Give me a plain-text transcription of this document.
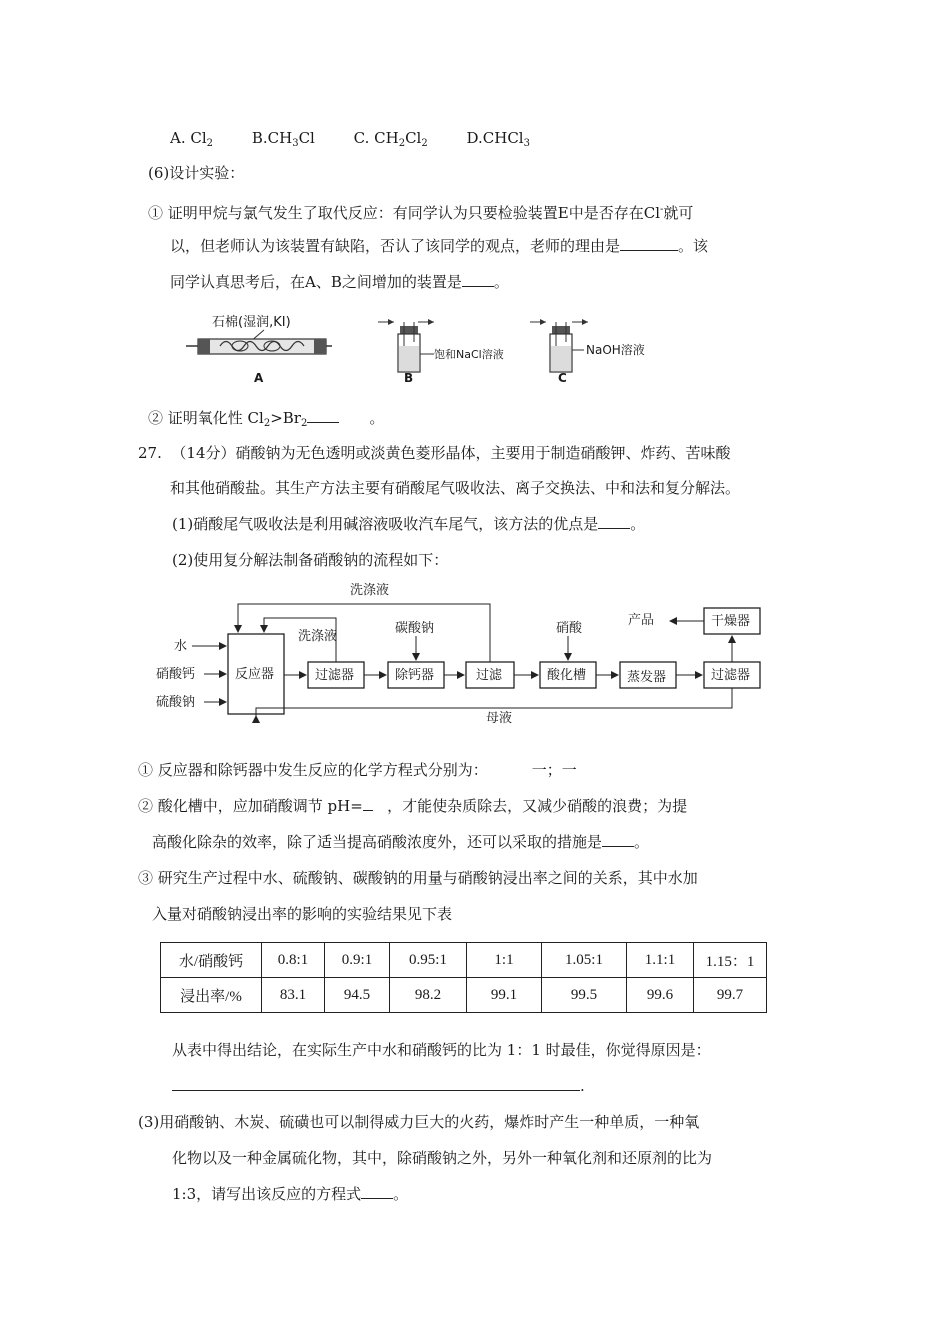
A. $Cl_2$	$B.CH_3Cl$	C. $CH_2Cl_2$	D.CHCl$_3$
(6)设计实验：
① 证明甲烷与氯气发生了取代反应：有同学认为只要检验装置E中是否存在Cl-就可
以，但老师认为该装置有缺陷，否认了该同学的观点，老师的理由是	。该
同学认真思考后，在A、B之间增加的装置是 。
石棉(湿润,KI)
A
饱和NaCl溶液
B
NaOH溶液
C
② 证明氧化性 $Cl_2>Br_2$	。
27. （14分）硝酸钠为无色透明或淡黄色菱形晶体，主要用于制造硝酸钾、炸药、苦味酸
和其他硝酸盐。其生产方法主要有硝酸尾气吸收法、离子交换法、中和法和复分解法。
(1)硝酸尾气吸收法是利用碱溶液吸收汽车尾气，该方法的优点是 。
(2)使用复分解法制备硝酸钠的流程如下：
洗涤液
洗涤液
水
硝酸钙
硫酸钠
碳酸钠	硝酸
产品
母液
反应器	过滤器	除钙器	过滤	酸化槽	蒸发器	过滤器
干燥器
① 反应器和除钙器中发生反应的化学方程式分别为：	一；一
② 酸化槽中，应加硝酸调节 pH= ，才能使杂质除去，又减少硝酸的浪费；为提
高酸化除杂的效率，除了适当提高硝酸浓度外，还可以采取的措施是 。
③ 研究生产过程中水、硫酸钠、碳酸钠的用量与硝酸钠浸出率之间的关系，其中水加
入量对硝酸钠浸出率的影响的实验结果见下表
水/硝酸钙	0.8:1	0.9:1	0.95:1	1:1	1.05:1	1.1:1	1.15：1
浸出率/%	83.1	94.5	98.2	99.1	99.5	99.6	99.7
从表中得出结论，在实际生产中水和硝酸钙的比为 1：1 时最佳，你觉得原因是：
.
(3)用硝酸钠、木炭、硫磺也可以制得威力巨大的火药，爆炸时产生一种单质，一种氧
化物以及一种金属硫化物，其中，除硝酸钠之外，另外一种氧化剂和还原剂的比为
1:3，请写出该反应的方程式 。
